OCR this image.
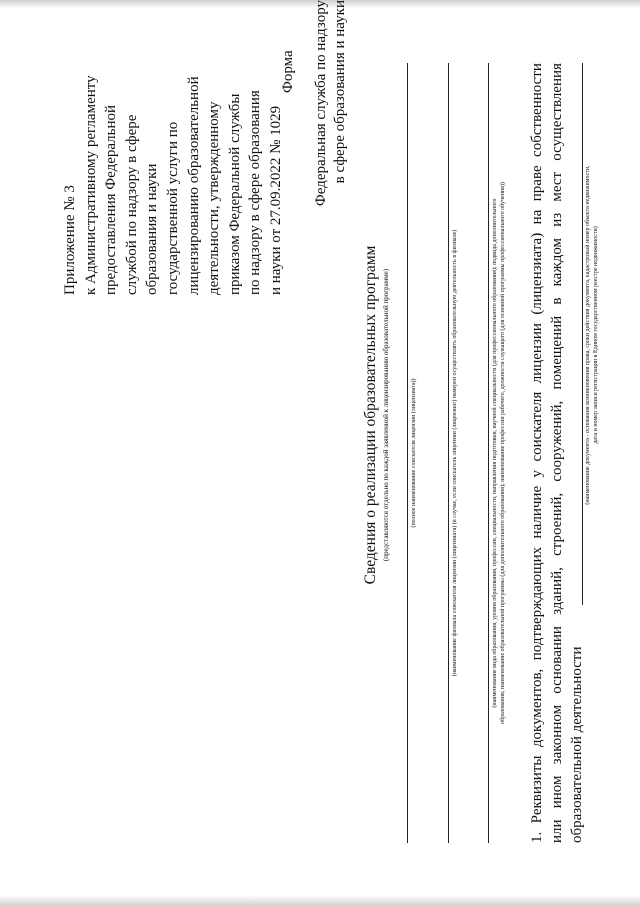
Приложение № 3 к Административному регламенту предоставления Федеральной службой по надзору в сфере образования и науки государственной услуги по лицензированию образовательной деятельности, утвержденному приказом Федеральной службы по надзору в сфере образования и науки от 27.09.2022 № 1029
Форма Федеральная служба по надзору в сфере образования и науки
Сведения о реализации образовательных программ (представляются отдельно по каждой заявленной к лицензированию образовательной программе)	(полное наименование соискателя лицензии (лицензиата))	(наименование филиала соискателя лицензии (лицензиата) (в случае, если соискатель лицензии (лицензиат) намерен осуществлять образовательную деятельность в филиале)	(наименование вида образования, уровня образования, профессии, специальности, направления подготовки, научной специальности (для профессионального образования); подвида дополнительного образования; наименование образовательной программы (для дополнительного образования); наименование профессии рабочего, должности служащего (для основной программы профессионального обучения))
1.
Реквизиты
документов,
подтверждающих
наличие
у
соискателя
лицензии
(лицензиата)
на
праве
собственности
или
ином
законном
основании
зданий,
строений,
сооружений,
помещений
в
каждом
из
мест
осуществления
образовательной деятельности
(наименование документа - основания возникновения права, сроки действия документа, кадастровый номер объекта недвижимости, дата и номер записи регистрации в Едином государственном реестре недвижимости)
